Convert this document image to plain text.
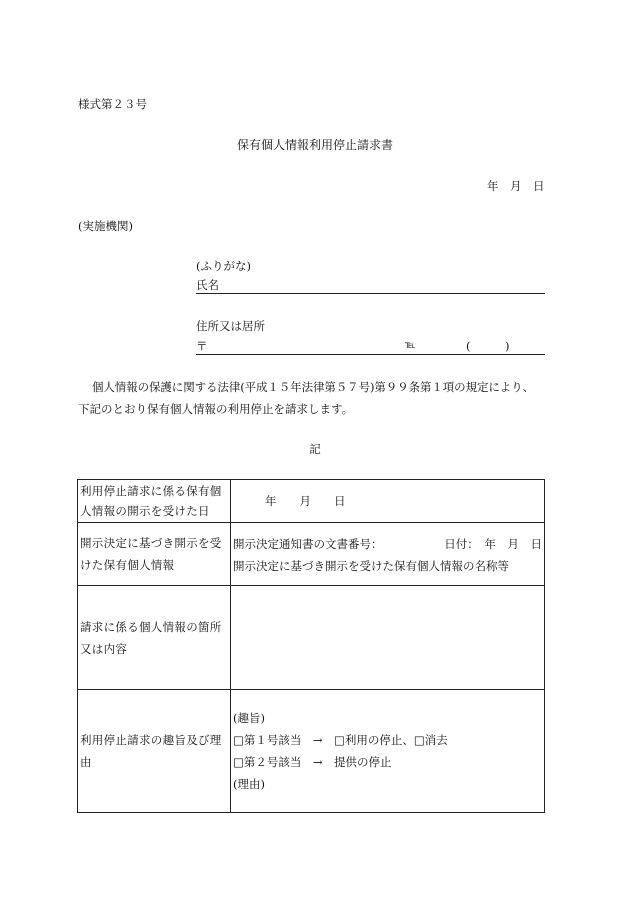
様式第２３号
保有個人情報利用停止請求書
年　月　日
(実施機関)
(ふりがな)
氏名
住所又は居所
〒	℡	(　　　)
個人情報の保護に関する法律(平成１５年法律第５７号)第９９条第１項の規定により、
下記のとおり保有個人情報の利用停止を請求します。
記
利用停止請求に係る保有個人情報の開示を受けた日	年　　月　　日
開示決定に基づき開示を受けた保有個人情報	開示決定通知書の文書番号： 日付：　年　月　日
開示決定に基づき開示を受けた保有個人情報の名称等

請求に係る個人情報の箇所又は内容	
利用停止請求の趣旨及び理由	(趣旨)
□第１号該当　→　□利用の停止、□消去
□第２号該当　→　提供の停止
(理由)
